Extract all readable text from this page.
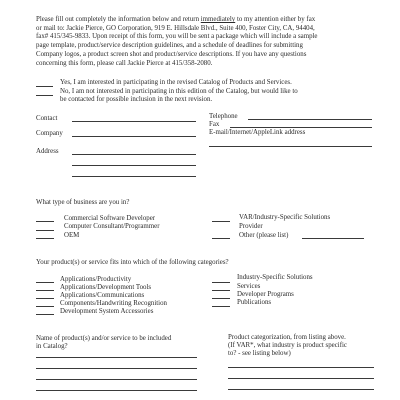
Please fill out completely the information below and return immediately to my attention either by fax
or mail to: Jackie Pierce, GO Corporation, 919 E. Hillsdale Blvd., Suite 400, Foster City, CA, 94404,
fax# 415/345-9833. Upon receipt of this form, you will be sent a package which will include a sample
page template, product/service description guidelines, and a schedule of deadlines for submitting
Company logos, a product screen shot and product/service descriptions. If you have any questions
concerning this form, please call Jackie Pierce at 415/358-2080.
Yes, I am interested in participating in the revised Catalog of Products and Services.
No, I am not interested in participating in this edition of the Catalog, but would like to
be contacted for possible inclusion in the next revision.
Contact
Company
Address
Telephone
Fax
E-mail/Internet/AppleLink address
What type of business are you in?
Commercial Software Developer
Computer Consultant/Programmer
OEM
VAR/Industry-Specific Solutions
Provider
Other (please list)
Your product(s) or service fits into which of the following categories?
Applications/Productivity
Applications/Development Tools
Applications/Communications
Components/Handwriting Recognition
Development System Accessories
Industry-Specific Solutions
Services
Developer Programs
Publications
Name of product(s) and/or service to be included
in Catalog?
Product categorization, from listing above.
(If VAR*, what industry is product specific
to? - see listing below)
